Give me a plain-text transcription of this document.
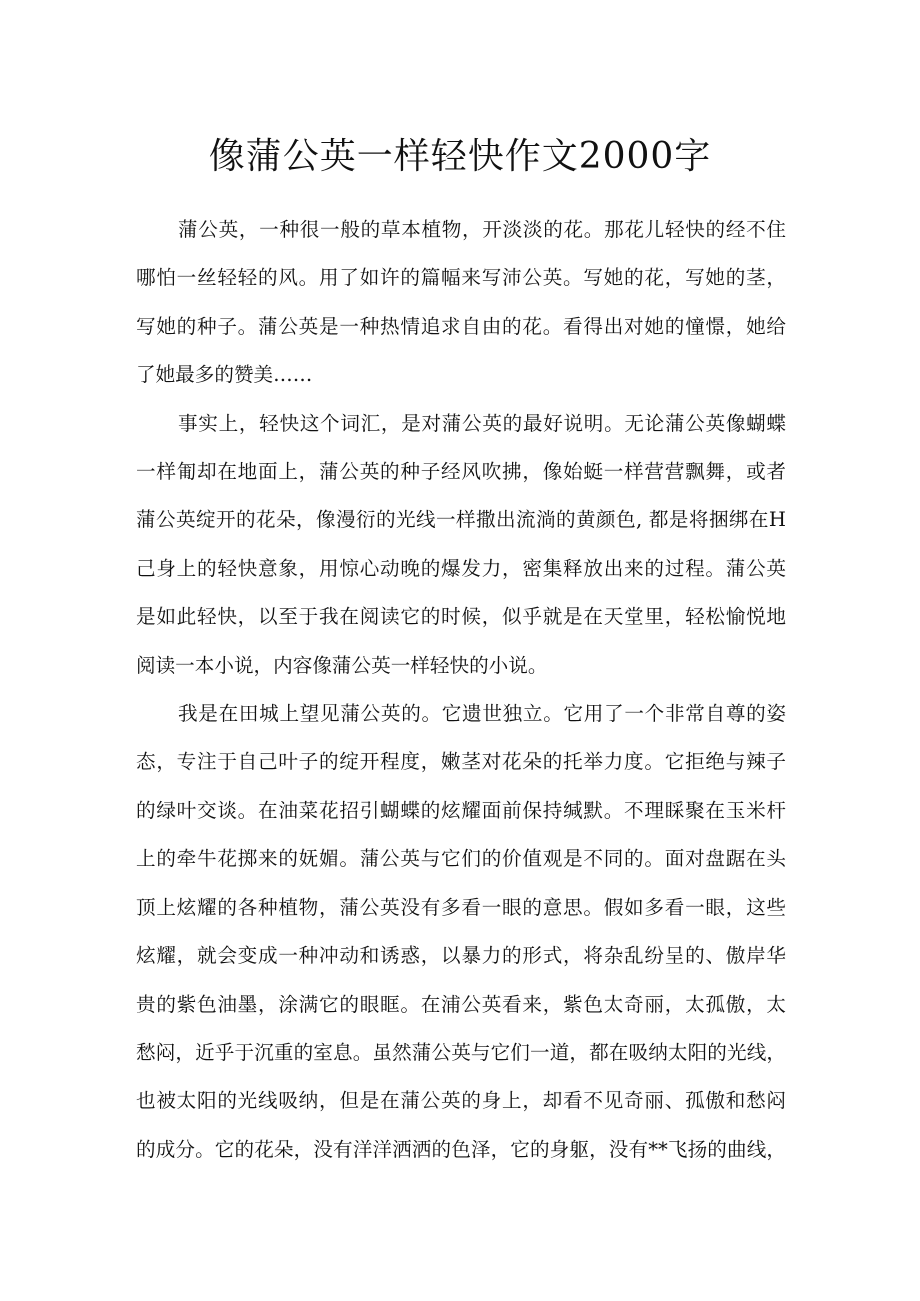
像蒲公英一样轻快作文2000字

蒲公英，一种很一般的草本植物，开淡淡的花。那花儿轻快的经不住
哪怕一丝轻轻的风。用了如许的篇幅来写沛公英。写她的花，写她的茎，
写她的种子。蒲公英是一种热情追求自由的花。看得出对她的憧憬，她给
了她最多的赞美……

事实上，轻快这个词汇，是对蒲公英的最好说明。无论蒲公英像蝴蝶
一样匍却在地面上，蒲公英的种子经风吹拂，像始蜓一样营营飘舞，或者
蒲公英绽开的花朵，像漫衍的光线一样撒出流淌的黄颜色, 都是将捆绑在H
己身上的轻快意象，用惊心动晚的爆发力，密集释放出来的过程。蒲公英
是如此轻快，以至于我在阅读它的时候，似乎就是在天堂里，轻松愉悦地
阅读一本小说，内容像蒲公英一样轻快的小说。

我是在田城上望见蒲公英的。它遗世独立。它用了一个非常自尊的姿
态，专注于自己叶子的绽开程度，嫩茎对花朵的托举力度。它拒绝与辣子
的绿叶交谈。在油菜花招引蝴蝶的炫耀面前保持缄默。不理睬聚在玉米杆
上的牵牛花掷来的妩媚。蒲公英与它们的价值观是不同的。面对盘踞在头
顶上炫耀的各种植物，蒲公英没有多看一眼的意思。假如多看一眼，这些
炫耀，就会变成一种冲动和诱惑，以暴力的形式，将杂乱纷呈的、傲岸华
贵的紫色油墨，涂满它的眼眶。在浦公英看来，紫色太奇丽，太孤傲，太
愁闷，近乎于沉重的室息。虽然蒲公英与它们一道，都在吸纳太阳的光线，
也被太阳的光线吸纳，但是在蒲公英的身上，却看不见奇丽、孤傲和愁闷
的成分。它的花朵，没有洋洋洒洒的色泽，它的身躯，没有**飞扬的曲线，
